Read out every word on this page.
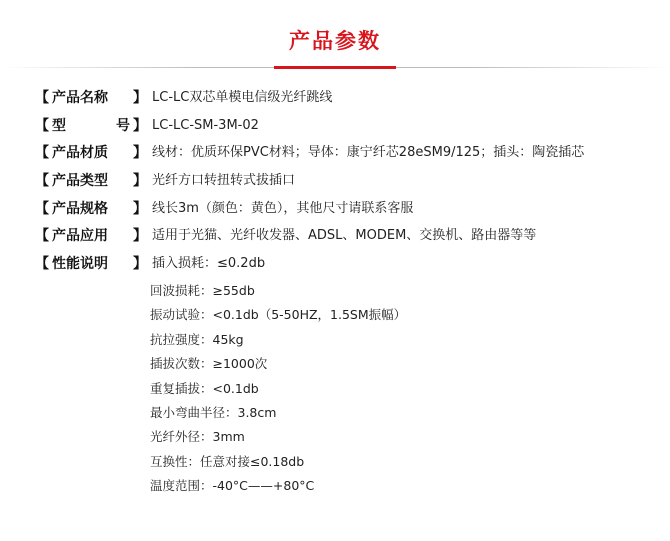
产品参数
【 产品名称	】 LC-LC双芯单模电信级光纤跳线
【 型	号 】 LC-LC-SM-3M-02
【 产品材质	】 线材：优质环保PVC材料；导体：康宁纤芯28eSM9/125；插头：陶瓷插芯
【 产品类型	】 光纤方口转扭转式拔插口
【 产品规格	】 线长3m（颜色：黄色），其他尺寸请联系客服
【 产品应用	】 适用于光猫、光纤收发器、ADSL、MODEM、交换机、路由器等等
【 性能说明	】 插入损耗：≤0.2db
回波损耗：≥55db
振动试验：<0.1db（5-50HZ，1.5SM振幅）
抗拉强度：45kg
插拔次数：≥1000次
重复插拔：<0.1db
最小弯曲半径：3.8cm
光纤外径：3mm
互换性：任意对接≤0.18db
温度范围：-40°C——+80°C
